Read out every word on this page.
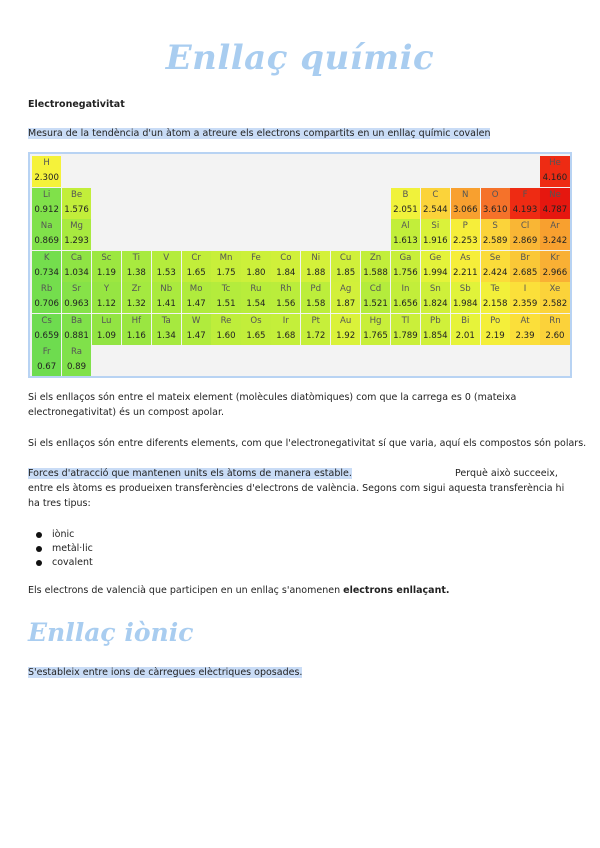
Enllaç químic
Electronegativitat
Mesura de la tendència d'un àtom a atreure els electrons compartits en un enllaç químic covalen
H
2.300
He
4.160
Li
0.912
Be
1.576
B
2.051
C
2.544
N
3.066
O
3.610
F
4.193
Ne
4.787
Na
0.869
Mg
1.293
Al
1.613
Si
1.916
P
2.253
S
2.589
Cl
2.869
Ar
3.242
K
0.734
Ca
1.034
Sc
1.19
Ti
1.38
V
1.53
Cr
1.65
Mn
1.75
Fe
1.80
Co
1.84
Ni
1.88
Cu
1.85
Zn
1.588
Ga
1.756
Ge
1.994
As
2.211
Se
2.424
Br
2.685
Kr
2.966
Rb
0.706
Sr
0.963
Y
1.12
Zr
1.32
Nb
1.41
Mo
1.47
Tc
1.51
Ru
1.54
Rh
1.56
Pd
1.58
Ag
1.87
Cd
1.521
In
1.656
Sn
1.824
Sb
1.984
Te
2.158
I
2.359
Xe
2.582
Cs
0.659
Ba
0.881
Lu
1.09
Hf
1.16
Ta
1.34
W
1.47
Re
1.60
Os
1.65
Ir
1.68
Pt
1.72
Au
1.92
Hg
1.765
Tl
1.789
Pb
1.854
Bi
2.01
Po
2.19
At
2.39
Rn
2.60
Fr
0.67
Ra
0.89
Si els enllaços són entre el mateix element (molècules diatòmiques) com que la carrega es 0 (mateixa electronegativitat) és un compost apolar.
Si els enllaços són entre diferents elements, com que l'electronegativitat sí que varia, aquí els compostos són polars.
Forces d'atracció que mantenen units els àtoms de manera estable.	Perquè això succeeix,
entre els àtoms es produeixen transferències d'electrons de valència. Segons com sigui aquesta transferència hi ha tres tipus:
iònic
metàl·lic
covalent
Els electrons de valencià que participen en un enllaç s'anomenen electrons enllaçant.
Enllaç iònic
S'estableix entre ions de càrregues elèctriques oposades.
